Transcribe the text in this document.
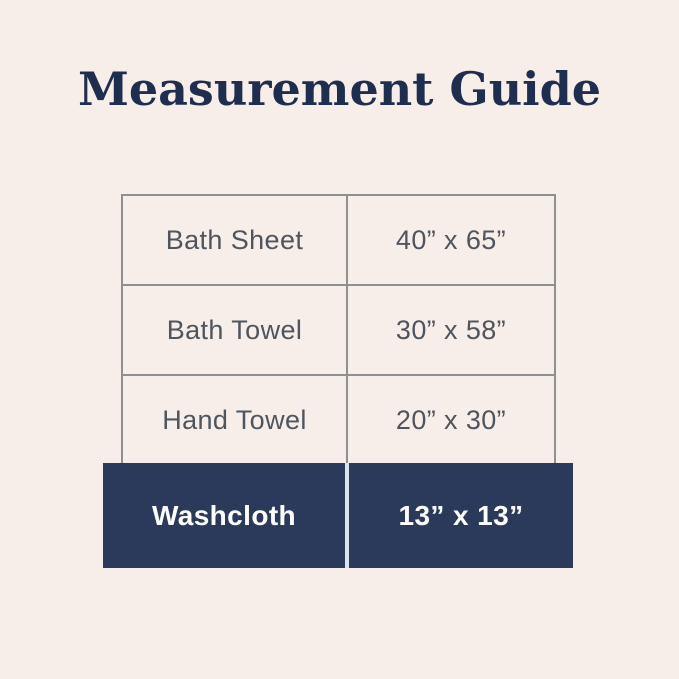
Measurement Guide
Bath Sheet	40” x 65”
Bath Towel	30” x 58”
Hand Towel	20” x 30”
Washcloth	13” x 13”
